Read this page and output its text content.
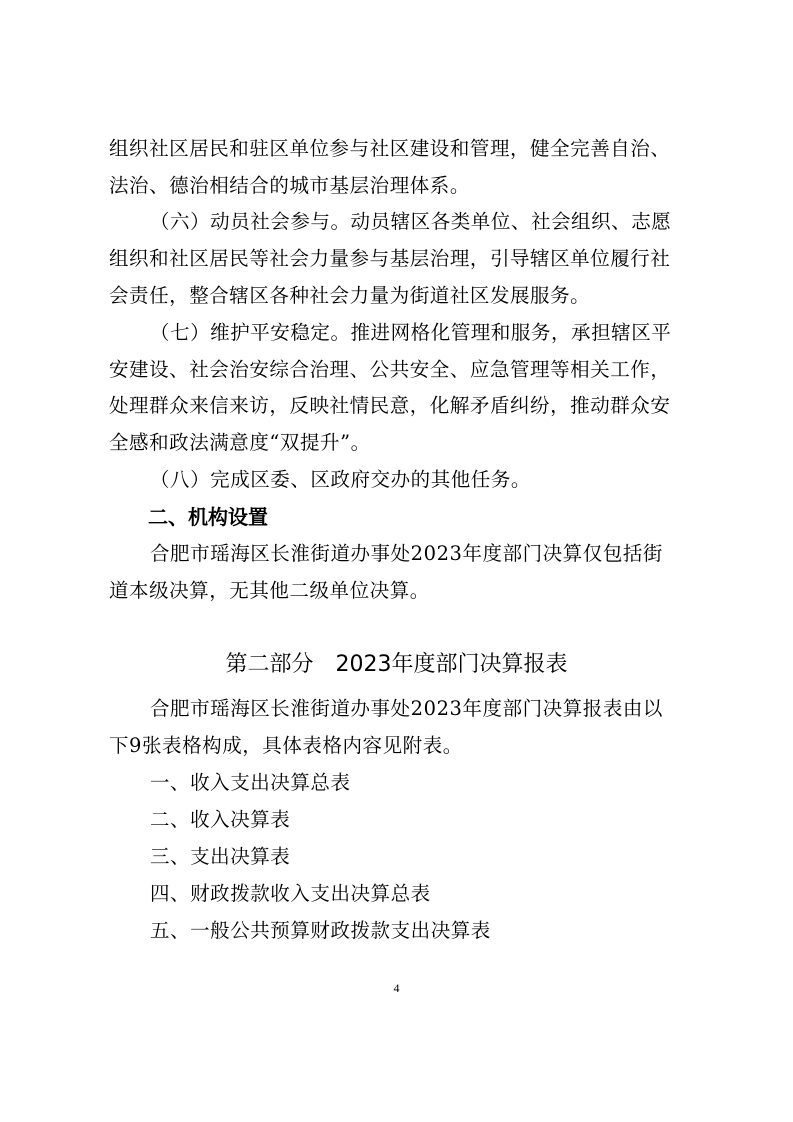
组织社区居民和驻区单位参与社区建设和管理，健全完善自治、
法治、德治相结合的城市基层治理体系。
（六）动员社会参与。动员辖区各类单位、社会组织、志愿
组织和社区居民等社会力量参与基层治理，引导辖区单位履行社
会责任，整合辖区各种社会力量为街道社区发展服务。
（七）维护平安稳定。推进网格化管理和服务，承担辖区平
安建设、社会治安综合治理、公共安全、应急管理等相关工作，
处理群众来信来访，反映社情民意，化解矛盾纠纷，推动群众安
全感和政法满意度“双提升”。
（八）完成区委、区政府交办的其他任务。
二、机构设置
合肥市瑶海区长淮街道办事处2023年度部门决算仅包括街
道本级决算，无其他二级单位决算。
第二部分　2023年度部门决算报表
合肥市瑶海区长淮街道办事处2023年度部门决算报表由以
下9张表格构成，具体表格内容见附表。
一、收入支出决算总表
二、收入决算表
三、支出决算表
四、财政拨款收入支出决算总表
五、一般公共预算财政拨款支出决算表
4
